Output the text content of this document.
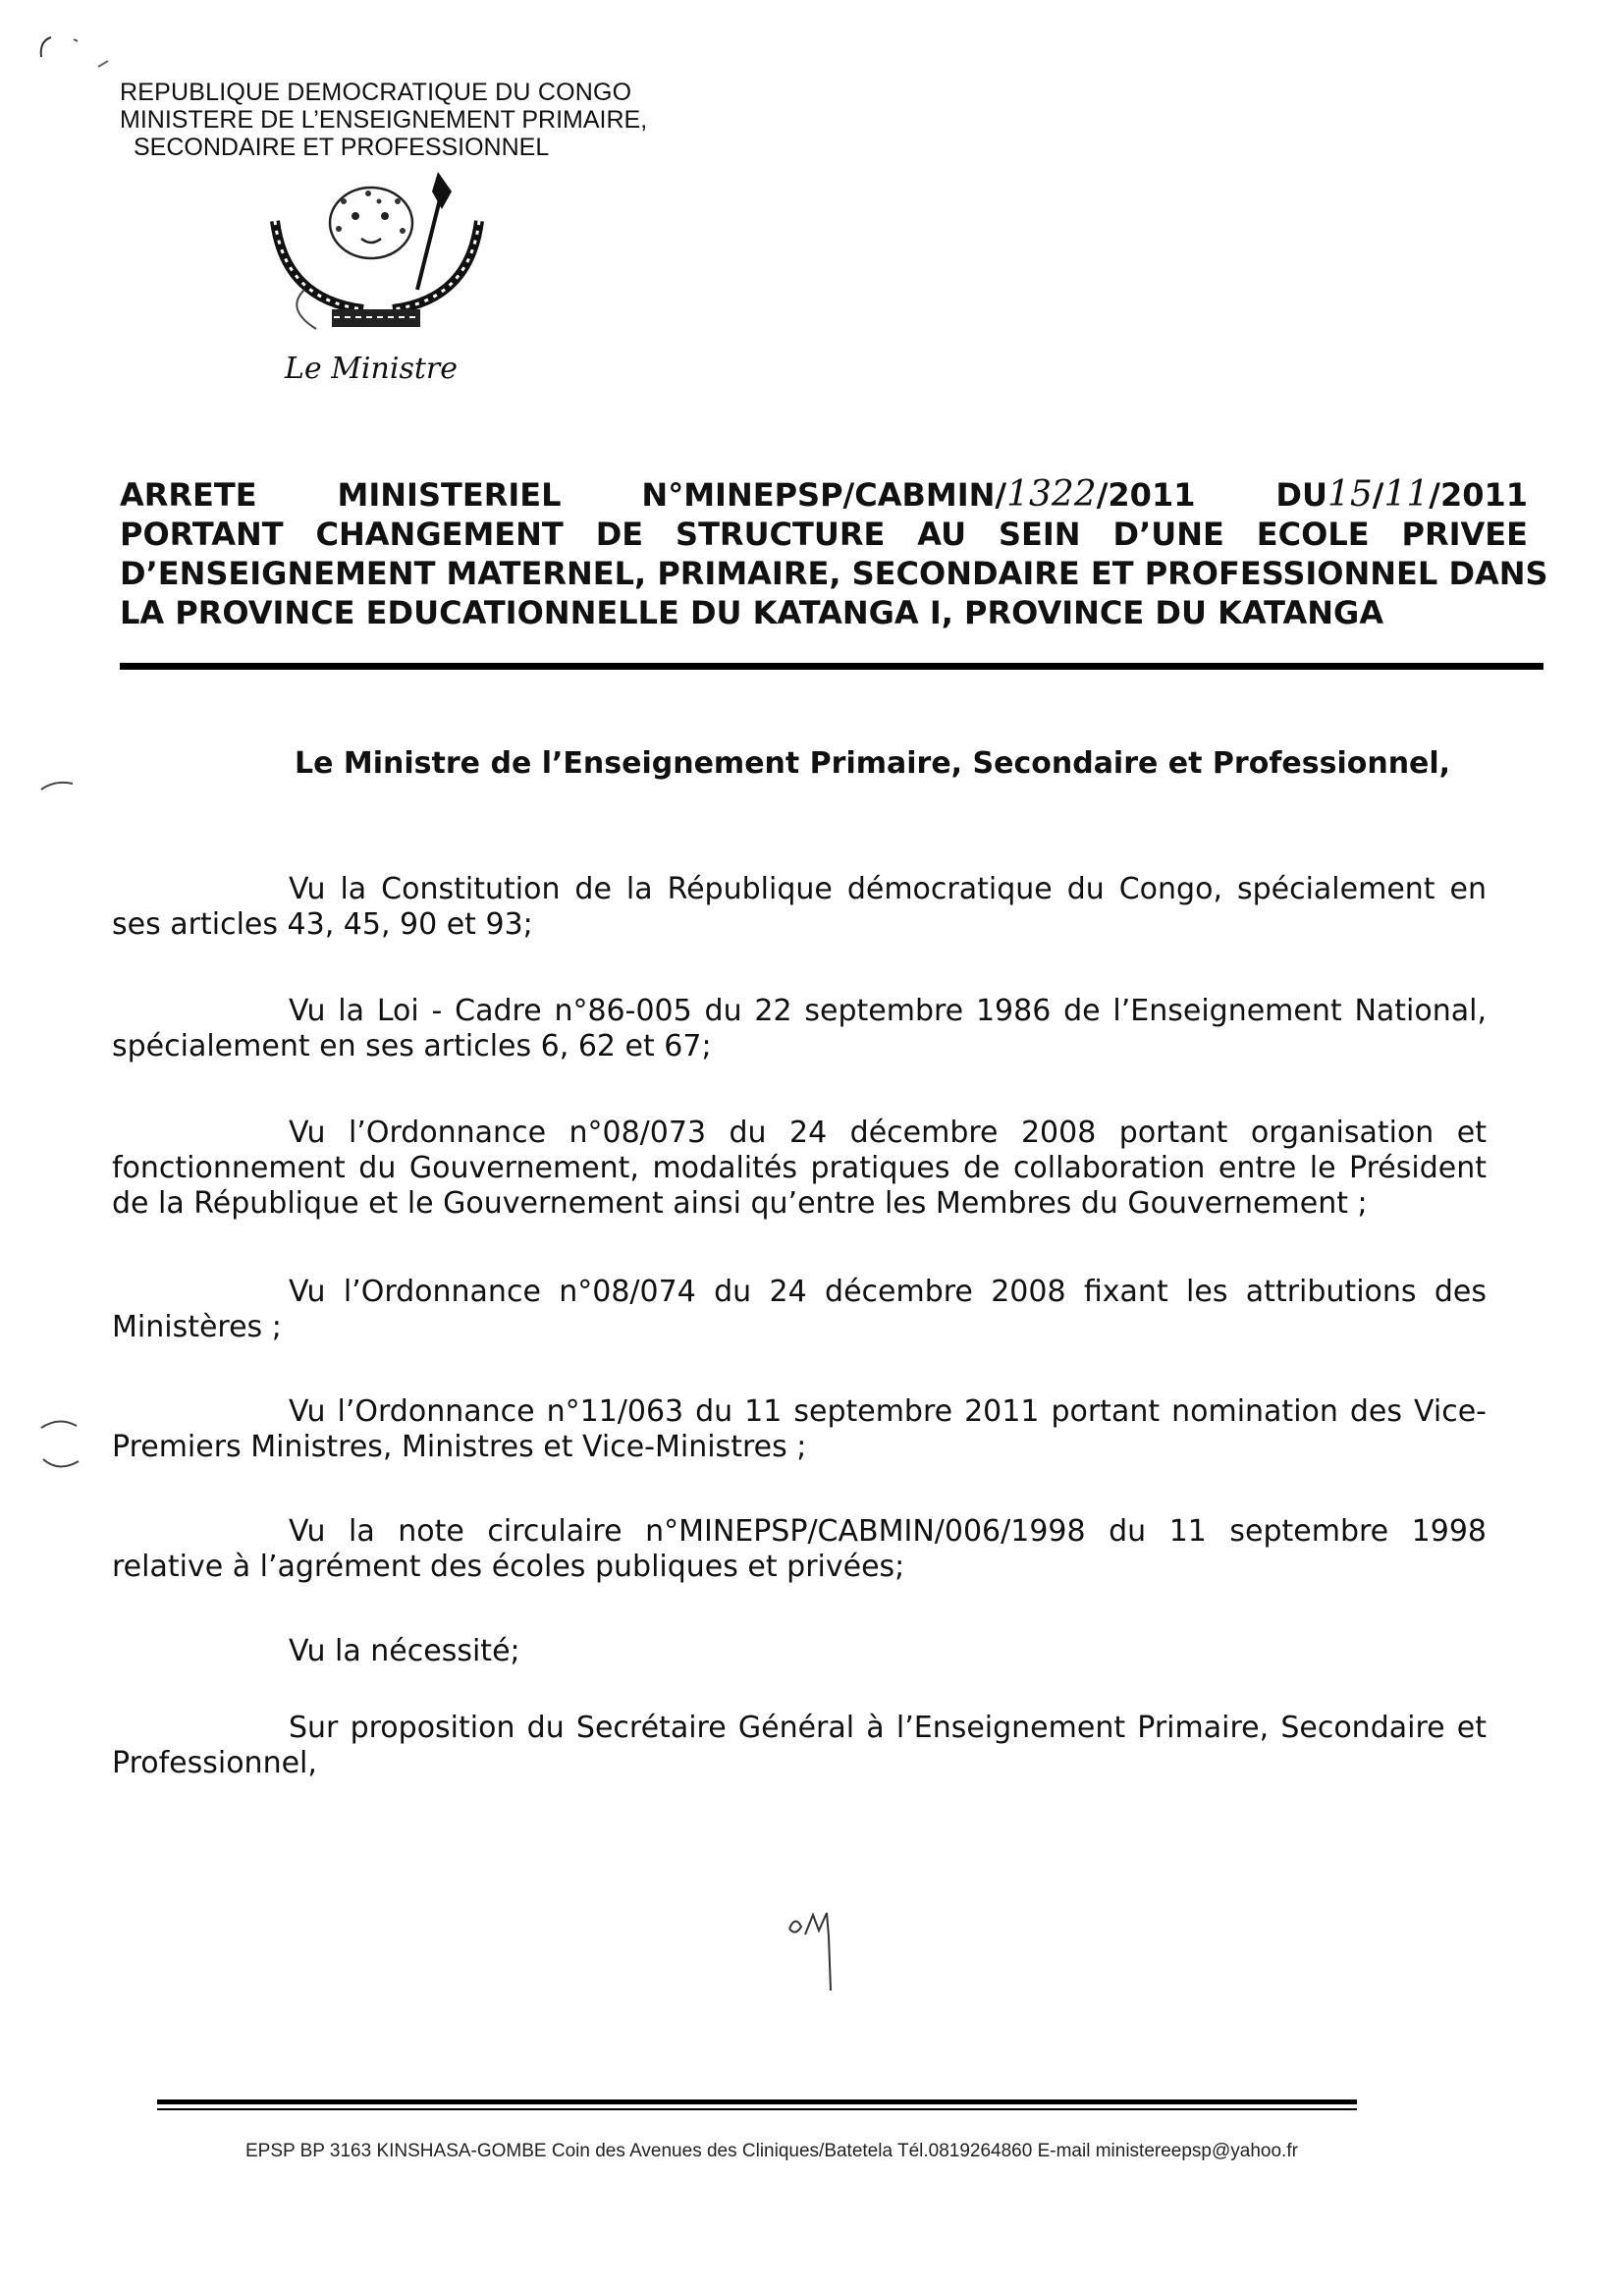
REPUBLIQUE DEMOCRATIQUE DU CONGO
MINISTERE DE L’ENSEIGNEMENT PRIMAIRE,
SECONDAIRE ET PROFESSIONNEL
Le Ministre
ARRETE MINISTERIEL N°MINEPSP/CABMIN/1322/2011 DU15/11/2011
PORTANT CHANGEMENT DE STRUCTURE AU SEIN D’UNE ECOLE PRIVEE
D’ENSEIGNEMENT MATERNEL, PRIMAIRE, SECONDAIRE ET PROFESSIONNEL DANS
LA PROVINCE EDUCATIONNELLE DU KATANGA I, PROVINCE DU KATANGA
Le Ministre de l’Enseignement Primaire, Secondaire et Professionnel,

Vu la Constitution de la République démocratique du Congo, spécialement en ses articles 43, 45, 90 et 93;

Vu la Loi - Cadre n°86-005 du 22 septembre 1986 de l’Enseignement National, spécialement en ses articles 6, 62 et 67;

Vu l’Ordonnance n°08/073 du 24 décembre 2008 portant organisation et fonctionnement du Gouvernement, modalités pratiques de collaboration entre le Président de la République et le Gouvernement ainsi qu’entre les Membres du Gouvernement ;

Vu l’Ordonnance n°08/074 du 24 décembre 2008 fixant les attributions des Ministères ;

Vu l’Ordonnance n°11/063 du 11 septembre 2011 portant nomination des Vice-Premiers Ministres, Ministres et Vice-Ministres ;

Vu la note circulaire n°MINEPSP/CABMIN/006/1998 du 11 septembre 1998 relative à l’agrément des écoles publiques et privées;

Vu la nécessité;

Sur proposition du Secrétaire Général à l’Enseignement Primaire, Secondaire et Professionnel,

EPSP BP 3163 KINSHASA-GOMBE Coin des Avenues des Cliniques/Batetela Tél.0819264860 E-mail ministereepsp@yahoo.fr
